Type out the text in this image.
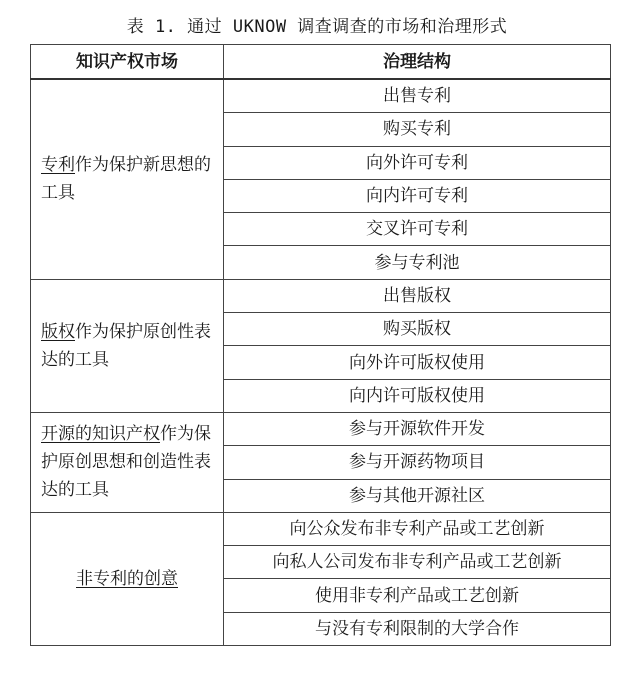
表 1. 通过 UKNOW 调查调查的市场和治理形式
知识产权市场	治理结构
专利作为保护新思想的工具	出售专利
	购买专利
	向外许可专利
	向内许可专利
	交叉许可专利
	参与专利池
版权作为保护原创性表达的工具	出售版权
	购买版权
	向外许可版权使用
	向内许可版权使用
开源的知识产权作为保护原创思想和创造性表达的工具	参与开源软件开发
	参与开源药物项目
	参与其他开源社区
非专利的创意	向公众发布非专利产品或工艺创新
	向私人公司发布非专利产品或工艺创新
	使用非专利产品或工艺创新
	与没有专利限制的大学合作
